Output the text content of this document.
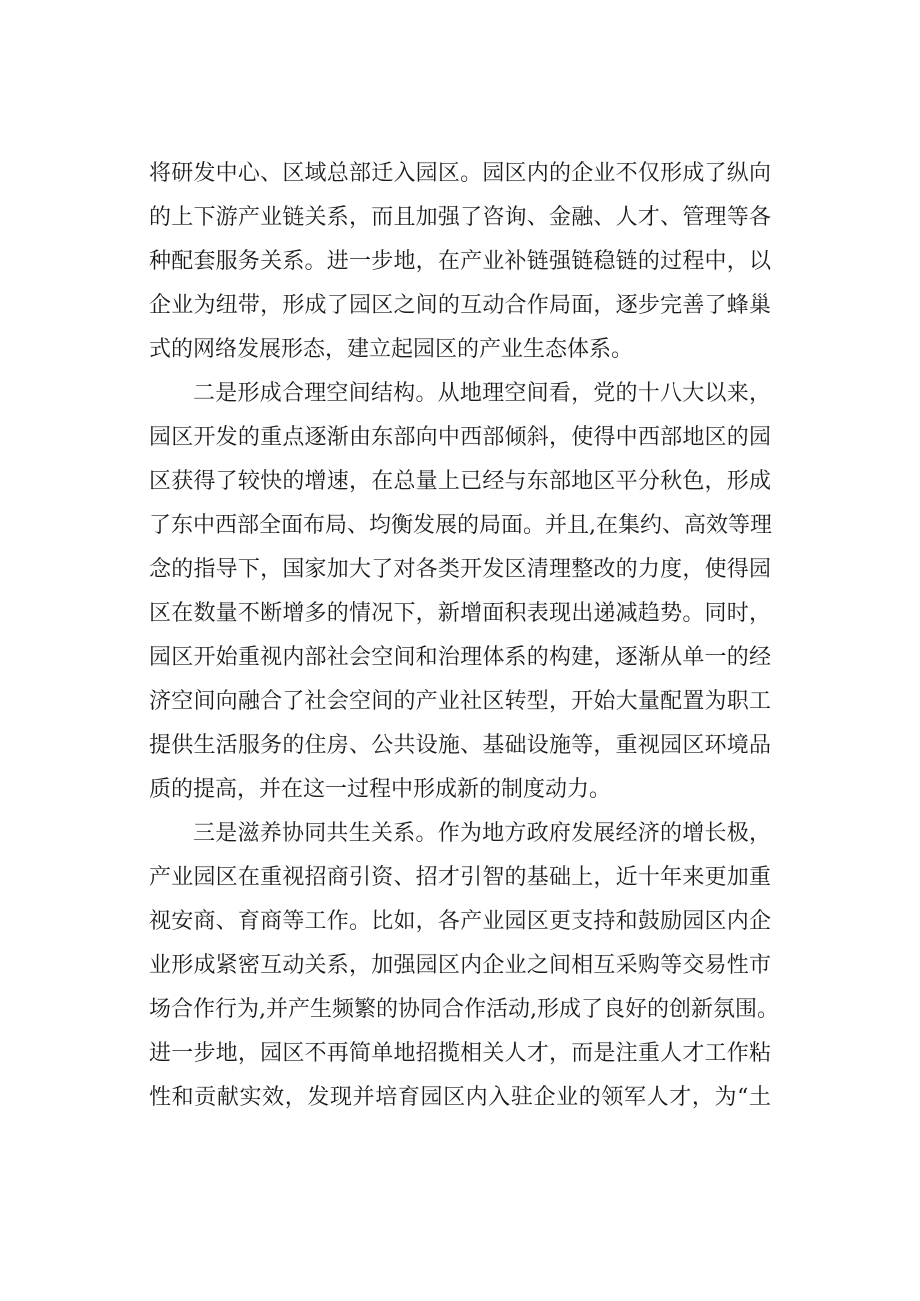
将研发中心、区域总部迁入园区。园区内的企业不仅形成了纵向
的上下游产业链关系，而且加强了咨询、金融、人才、管理等各
种配套服务关系。进一步地，在产业补链强链稳链的过程中，以
企业为纽带，形成了园区之间的互动合作局面，逐步完善了蜂巢
式的网络发展形态，建立起园区的产业生态体系。
二是形成合理空间结构。从地理空间看，党的十八大以来，
园区开发的重点逐渐由东部向中西部倾斜，使得中西部地区的园
区获得了较快的增速，在总量上已经与东部地区平分秋色，形成
了东中西部全面布局、均衡发展的局面。并且,在集约、高效等理
念的指导下，国家加大了对各类开发区清理整改的力度，使得园
区在数量不断增多的情况下，新增面积表现出递减趋势。同时，
园区开始重视内部社会空间和治理体系的构建，逐渐从单一的经
济空间向融合了社会空间的产业社区转型，开始大量配置为职工
提供生活服务的住房、公共设施、基础设施等，重视园区环境品
质的提高，并在这一过程中形成新的制度动力。
三是滋养协同共生关系。作为地方政府发展经济的增长极，
产业园区在重视招商引资、招才引智的基础上，近十年来更加重
视安商、育商等工作。比如，各产业园区更支持和鼓励园区内企
业形成紧密互动关系，加强园区内企业之间相互采购等交易性市
场合作行为,并产生频繁的协同合作活动,形成了良好的创新氛围。
进一步地，园区不再简单地招揽相关人才，而是注重人才工作粘
性和贡献实效，发现并培育园区内入驻企业的领军人才，为“土
